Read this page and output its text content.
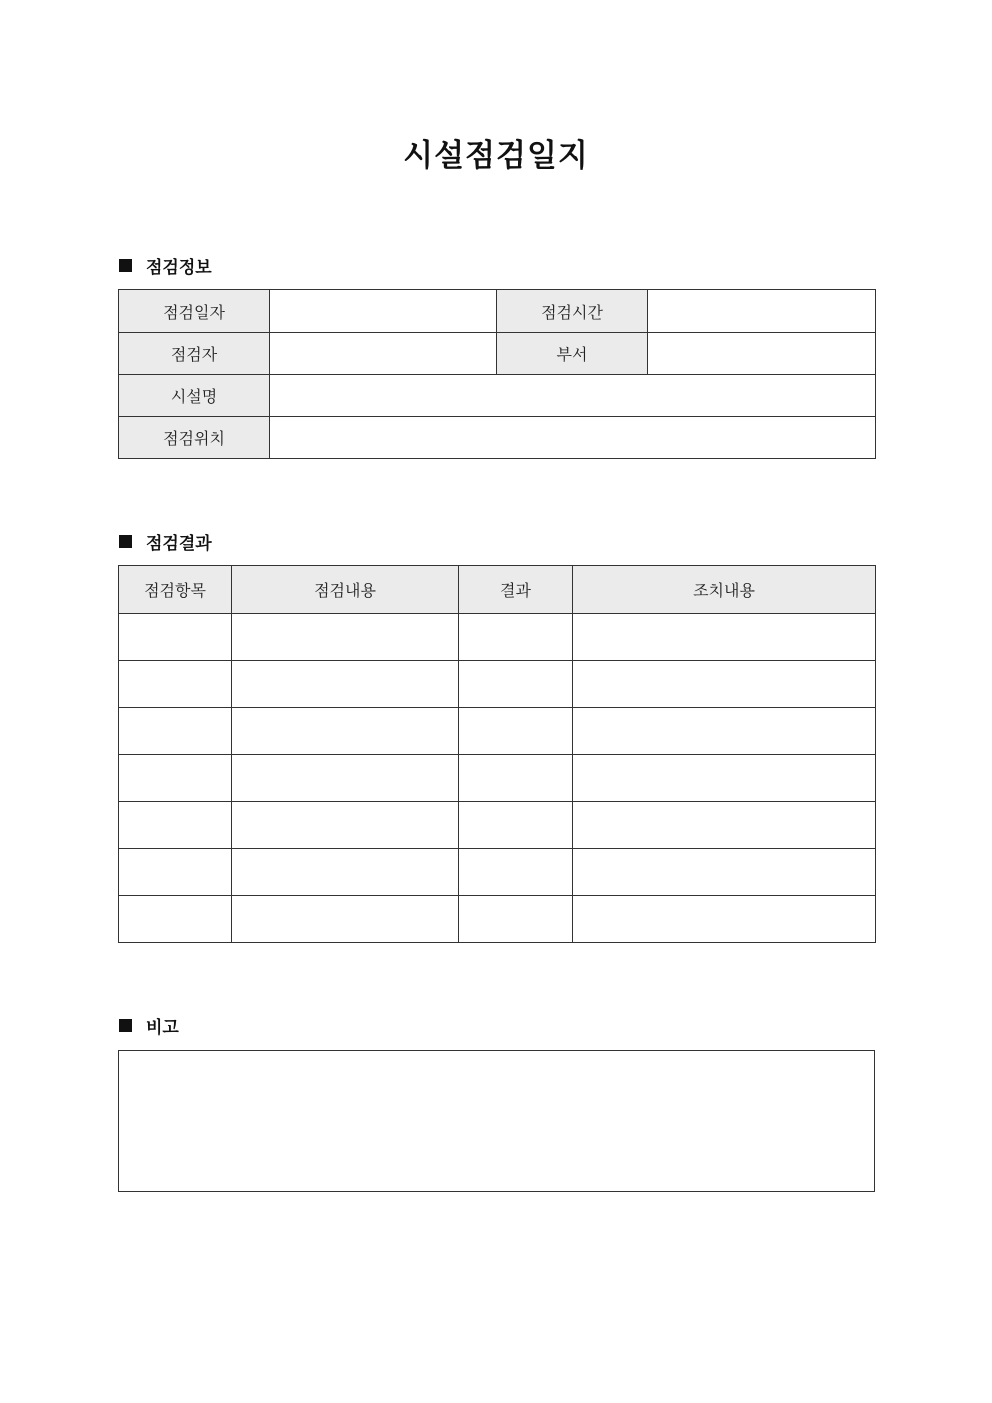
시설점검일지
점검정보
점검일자		점검시간	
점검자		부서	
시설명			
점검위치			
점검결과
점검항목	점검내용	결과	조치내용

비고
